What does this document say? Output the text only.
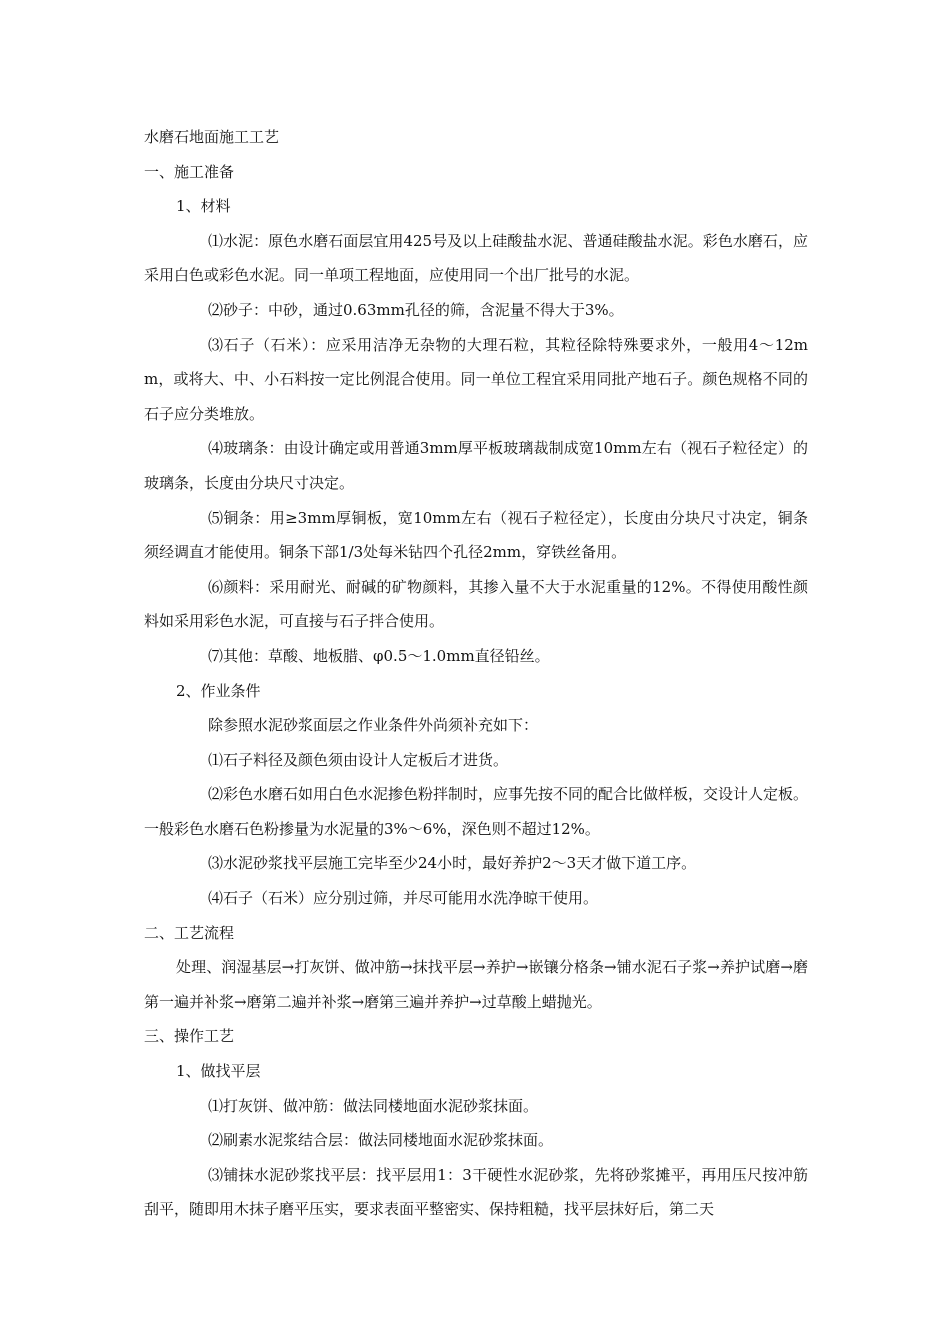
水磨石地面施工工艺

一、施工准备

1、材料

⑴水泥：原色水磨石面层宜用425号及以上硅酸盐水泥、普通硅酸盐水泥。彩色水磨石，应采用白色或彩色水泥。同一单项工程地面，应使用同一个出厂批号的水泥。

⑵砂子：中砂，通过0.63mm孔径的筛，含泥量不得大于3%。

⑶石子（石米）：应采用洁净无杂物的大理石粒，其粒径除特殊要求外，一般用4～12mm，或将大、中、小石料按一定比例混合使用。同一单位工程宜采用同批产地石子。颜色规格不同的石子应分类堆放。

⑷玻璃条：由设计确定或用普通3mm厚平板玻璃裁制成宽10mm左右（视石子粒径定）的玻璃条，长度由分块尺寸决定。

⑸铜条：用≥3mm厚铜板，宽10mm左右（视石子粒径定），长度由分块尺寸决定，铜条须经调直才能使用。铜条下部1/3处每米钻四个孔径2mm，穿铁丝备用。

⑹颜料：采用耐光、耐碱的矿物颜料，其掺入量不大于水泥重量的12%。不得使用酸性颜料如采用彩色水泥，可直接与石子拌合使用。

⑺其他：草酸、地板腊、φ0.5～1.0mm直径铅丝。

2、作业条件

除参照水泥砂浆面层之作业条件外尚须补充如下：

⑴石子料径及颜色须由设计人定板后才进货。

⑵彩色水磨石如用白色水泥掺色粉拌制时，应事先按不同的配合比做样板，交设计人定板。一般彩色水磨石色粉掺量为水泥量的3%～6%，深色则不超过12%。

⑶水泥砂浆找平层施工完毕至少24小时，最好养护2～3天才做下道工序。

⑷石子（石米）应分别过筛，并尽可能用水洗净晾干使用。

二、工艺流程

处理、润湿基层→打灰饼、做冲筋→抹找平层→养护→嵌镶分格条→铺水泥石子浆→养护试磨→磨第一遍并补浆→磨第二遍并补浆→磨第三遍并养护→过草酸上蜡抛光。

三、操作工艺

1、做找平层

⑴打灰饼、做冲筋：做法同楼地面水泥砂浆抹面。

⑵刷素水泥浆结合层：做法同楼地面水泥砂浆抹面。

⑶铺抹水泥砂浆找平层：找平层用1：3干硬性水泥砂浆，先将砂浆摊平，再用压尺按冲筋刮平，随即用木抹子磨平压实，要求表面平整密实、保持粗糙，找平层抹好后，第二天
